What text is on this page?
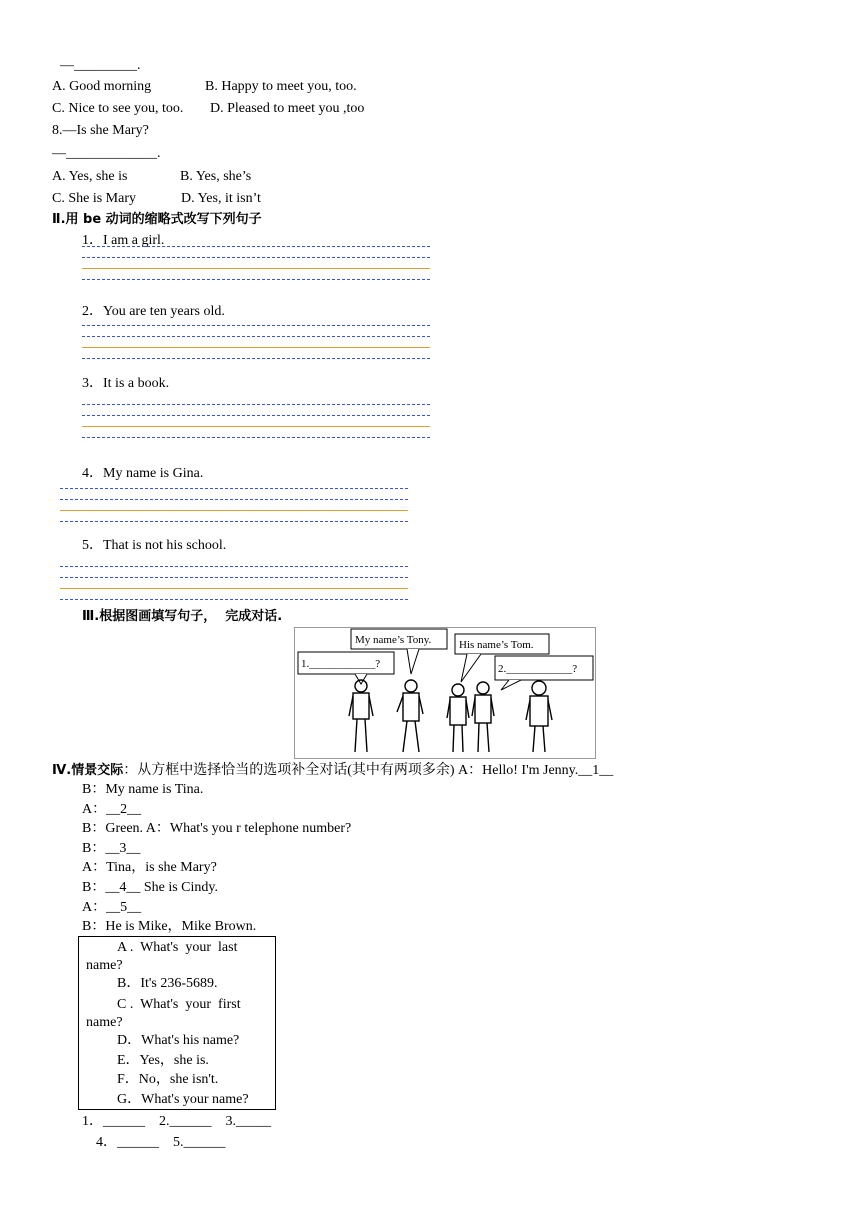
—_________.
A. Good morning	B. Happy to meet you, too.
C. Nice to see you, too. D. Pleased to meet you ,too
8.—Is she Mary?
—_____________.
A. Yes, she is	B. Yes, she’s
C. She is Mary	D. Yes, it isn’t
Ⅱ.用 be 动词的缩略式改写下列句子
1．I am a girl.
2．You are ten years old.
3．It is a book.
4．My name is Gina.
5．That is not his school.
Ⅲ.根据图画填写句子，  完成对话.
1.____________?
My name’s Tony.	His name’s Tom.
2.____________?
Ⅳ.情景交际：从方框中选择恰当的选项补全对话(其中有两项多余) A：Hello! I'm Jenny.__1__
B：My name is Tina.
A：__2__
B：Green. A：What's you r telephone number?
B：__3__
A：Tina，is she Mary?
B：__4__ She is Cindy.
A：__5__
B：He is Mike，Mike Brown.
A .  What's  your  last
name?
B．It's 236-5689.
C .  What's  your  first
name?
D．What's his name?
E．Yes，she is.
F．No，she isn't.
G．What's your name?
1．______    2.______    3._____
4．______    5.______
